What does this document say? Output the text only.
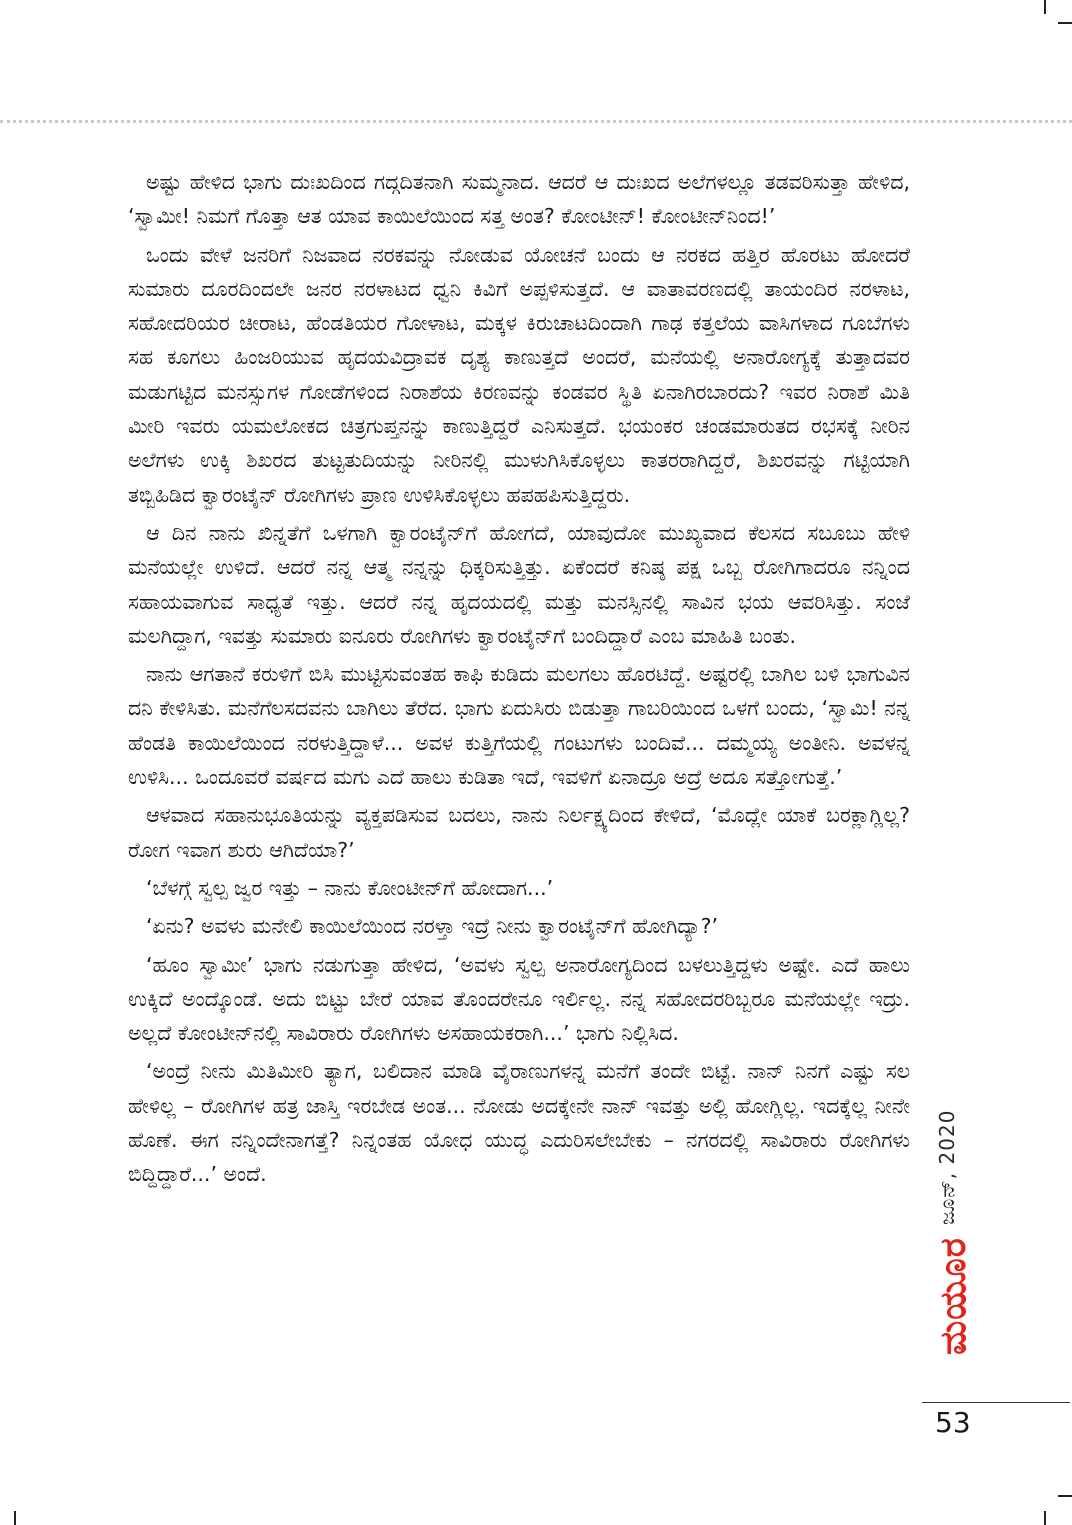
ಅಷ್ಟು ಹೇಳಿದ ಭಾಗು ದುಃಖದಿಂದ ಗದ್ಗದಿತನಾಗಿ ಸುಮ್ಮನಾದ. ಆದರೆ ಆ ದುಃಖದ ಅಲೆಗಳಲ್ಲೂ ತಡವರಿಸುತ್ತಾ ಹೇಳಿದ, ‘ಸ್ವಾಮೀ! ನಿಮಗೆ ಗೊತ್ತಾ ಆತ ಯಾವ ಕಾಯಿಲೆಯಿಂದ ಸತ್ತ ಅಂತ? ಕೋಂಟೀನ್! ಕೋಂಟೀನ್‌ನಿಂದ!’

ಒಂದು ವೇಳೆ ಜನರಿಗೆ ನಿಜವಾದ ನರಕವನ್ನು ನೋಡುವ ಯೋಚನೆ ಬಂದು ಆ ನರಕದ ಹತ್ತಿರ ಹೊರಟು ಹೋದರೆ ಸುಮಾರು ದೂರದಿಂದಲೇ ಜನರ ನರಳಾಟದ ಧ್ವನಿ ಕಿವಿಗೆ ಅಪ್ಪಳಿಸುತ್ತದೆ. ಆ ವಾತಾವರಣದಲ್ಲಿ ತಾಯಂದಿರ ನರಳಾಟ, ಸಹೋದರಿಯರ ಚೀರಾಟ, ಹೆಂಡತಿಯರ ಗೋಳಾಟ, ಮಕ್ಕಳ ಕಿರುಚಾಟದಿಂದಾಗಿ ಗಾಢ ಕತ್ತಲೆಯ ವಾಸಿಗಳಾದ ಗೂಬೆಗಳು ಸಹ ಕೂಗಲು ಹಿಂಜರಿಯುವ ಹೃದಯವಿದ್ರಾವಕ ದೃಶ್ಯ ಕಾಣುತ್ತದೆ ಅಂದರೆ, ಮನೆಯಲ್ಲಿ ಅನಾರೋಗ್ಯಕ್ಕೆ ತುತ್ತಾದವರ ಮಡುಗಟ್ಟಿದ ಮನಸ್ಸುಗಳ ಗೋಡೆಗಳಿಂದ ನಿರಾಶೆಯ ಕಿರಣವನ್ನು ಕಂಡವರ ಸ್ಥಿತಿ ಏನಾಗಿರಬಾರದು? ಇವರ ನಿರಾಶೆ ಮಿತಿ ಮೀರಿ ಇವರು ಯಮಲೋಕದ ಚಿತ್ರಗುಪ್ತನನ್ನು ಕಾಣುತ್ತಿದ್ದರೆ ಎನಿಸುತ್ತದೆ. ಭಯಂಕರ ಚಂಡಮಾರುತದ ರಭಸಕ್ಕೆ ನೀರಿನ ಅಲೆಗಳು ಉಕ್ಕಿ ಶಿಖರದ ತುಟ್ಟತುದಿಯನ್ನು ನೀರಿನಲ್ಲಿ ಮುಳುಗಿಸಿಕೊಳ್ಳಲು ಕಾತರರಾಗಿದ್ದರೆ, ಶಿಖರವನ್ನು ಗಟ್ಟಿಯಾಗಿ ತಬ್ಬಿಹಿಡಿದ ಕ್ವಾರಂಟೈನ್ ರೋಗಿಗಳು ಪ್ರಾಣ ಉಳಿಸಿಕೊಳ್ಳಲು ಹಪಹಪಿಸುತ್ತಿದ್ದರು.

ಆ ದಿನ ನಾನು ಖಿನ್ನತೆಗೆ ಒಳಗಾಗಿ ಕ್ವಾರಂಟೈನ್‌ಗೆ ಹೋಗದೆ, ಯಾವುದೋ ಮುಖ್ಯವಾದ ಕೆಲಸದ ಸಬೂಬು ಹೇಳಿ ಮನೆಯಲ್ಲೇ ಉಳಿದೆ. ಆದರೆ ನನ್ನ ಆತ್ಮ ನನ್ನನ್ನು ಧಿಕ್ಕರಿಸುತ್ತಿತ್ತು. ಏಕೆಂದರೆ ಕನಿಷ್ಠ ಪಕ್ಷ ಒಬ್ಬ ರೋಗಿಗಾದರೂ ನನ್ನಿಂದ ಸಹಾಯವಾಗುವ ಸಾಧ್ಯತೆ ಇತ್ತು. ಆದರೆ ನನ್ನ ಹೃದಯದಲ್ಲಿ ಮತ್ತು ಮನಸ್ಸಿನಲ್ಲಿ ಸಾವಿನ ಭಯ ಆವರಿಸಿತ್ತು. ಸಂಜೆ ಮಲಗಿದ್ದಾಗ, ಇವತ್ತು ಸುಮಾರು ಐನೂರು ರೋಗಿಗಳು ಕ್ವಾರಂಟೈನ್‌ಗೆ ಬಂದಿದ್ದಾರೆ ಎಂಬ ಮಾಹಿತಿ ಬಂತು.

ನಾನು ಆಗತಾನೆ ಕರುಳಿಗೆ ಬಿಸಿ ಮುಟ್ಟಿಸುವಂತಹ ಕಾಫಿ ಕುಡಿದು ಮಲಗಲು ಹೊರಟಿದ್ದೆ. ಅಷ್ಟರಲ್ಲಿ ಬಾಗಿಲ ಬಳಿ ಭಾಗುವಿನ ದನಿ ಕೇಳಿಸಿತು. ಮನೆಗೆಲಸದವನು ಬಾಗಿಲು ತೆರೆದ. ಭಾಗು ಏದುಸಿರು ಬಿಡುತ್ತಾ ಗಾಬರಿಯಿಂದ ಒಳಗೆ ಬಂದು, ‘ಸ್ವಾಮಿ! ನನ್ನ ಹೆಂಡತಿ ಕಾಯಿಲೆಯಿಂದ ನರಳುತ್ತಿದ್ದಾಳೆ... ಅವಳ ಕುತ್ತಿಗೆಯಲ್ಲಿ ಗಂಟುಗಳು ಬಂದಿವೆ... ದಮ್ಮಯ್ಯ ಅಂತೀನಿ. ಅವಳನ್ನ ಉಳಿಸಿ... ಒಂದೂವರೆ ವರ್ಷದ ಮಗು ಎದೆ ಹಾಲು ಕುಡಿತಾ ಇದೆ, ಇವಳಿಗೆ ಏನಾದ್ರೂ ಅದ್ರೆ ಅದೂ ಸತ್ತೋಗುತ್ತೆ.’

ಆಳವಾದ ಸಹಾನುಭೂತಿಯನ್ನು ವ್ಯಕ್ತಪಡಿಸುವ ಬದಲು, ನಾನು ನಿರ್ಲಕ್ಷ್ಯದಿಂದ ಕೇಳಿದೆ, ‘ಮೊದ್ಲೇ ಯಾಕೆ ಬರಕ್ಲಾಗ್ಲಿಲ್ಲ? ರೋಗ ಇವಾಗ ಶುರು ಆಗಿದೆಯಾ?’

‘ಬೆಳಗ್ಗೆ ಸ್ವಲ್ಪ ಜ್ವರ ಇತ್ತು – ನಾನು ಕೋಂಟೀನ್‌ಗೆ ಹೋದಾಗ...’

‘ಏನು? ಅವಳು ಮನೇಲಿ ಕಾಯಿಲೆಯಿಂದ ನರಳ್ತಾ ಇದ್ರೆ ನೀನು ಕ್ವಾರಂಟೈನ್‌ಗೆ ಹೋಗಿದ್ಯಾ?’

‘ಹೂಂ ಸ್ವಾಮೀ’ ಭಾಗು ನಡುಗುತ್ತಾ ಹೇಳಿದ, ‘ಅವಳು ಸ್ವಲ್ಪ ಅನಾರೋಗ್ಯದಿಂದ ಬಳಲುತ್ತಿದ್ದಳು ಅಷ್ಟೇ. ಎದೆ ಹಾಲು ಉಕ್ಕಿದೆ ಅಂದ್ಕೊಂಡೆ. ಅದು ಬಿಟ್ಟು ಬೇರೆ ಯಾವ ತೊಂದರೇನೂ ಇರ್ಲಿಲ್ಲ. ನನ್ನ ಸಹೋದರರಿಬ್ಬರೂ ಮನೆಯಲ್ಲೇ ಇದ್ರು. ಅಲ್ಲದೆ ಕೋಂಟೀನ್‌ನಲ್ಲಿ ಸಾವಿರಾರು ರೋಗಿಗಳು ಅಸಹಾಯಕರಾಗಿ...’ ಭಾಗು ನಿಲ್ಲಿಸಿದ.

‘ಅಂದ್ರೆ ನೀನು ಮಿತಿಮೀರಿ ತ್ಯಾಗ, ಬಲಿದಾನ ಮಾಡಿ ವೈರಾಣುಗಳನ್ನ ಮನೆಗೆ ತಂದೇ ಬಿಟ್ಟೆ. ನಾನ್ ನಿನಗೆ ಎಷ್ಟು ಸಲ ಹೇಳಿಲ್ಲ – ರೋಗಿಗಳ ಹತ್ರ ಜಾಸ್ತಿ ಇರಬೇಡ ಅಂತ... ನೋಡು ಅದಕ್ಕೇನೇ ನಾನ್ ಇವತ್ತು ಅಲ್ಲಿ ಹೋಗ್ಲಿಲ್ಲ. ಇದಕ್ಕೆಲ್ಲ ನೀನೇ ಹೊಣೆ. ಈಗ ನನ್ನಿಂದೇನಾಗತ್ತೆ? ನಿನ್ನಂತಹ ಯೋಧ ಯುದ್ಧ ಎದುರಿಸಲೇಬೇಕು – ನಗರದಲ್ಲಿ ಸಾವಿರಾರು ರೋಗಿಗಳು ಬಿದ್ದಿದ್ದಾರೆ...’ ಅಂದೆ.	ಜೂನ್, 2020
ಮಯೂರ
53
